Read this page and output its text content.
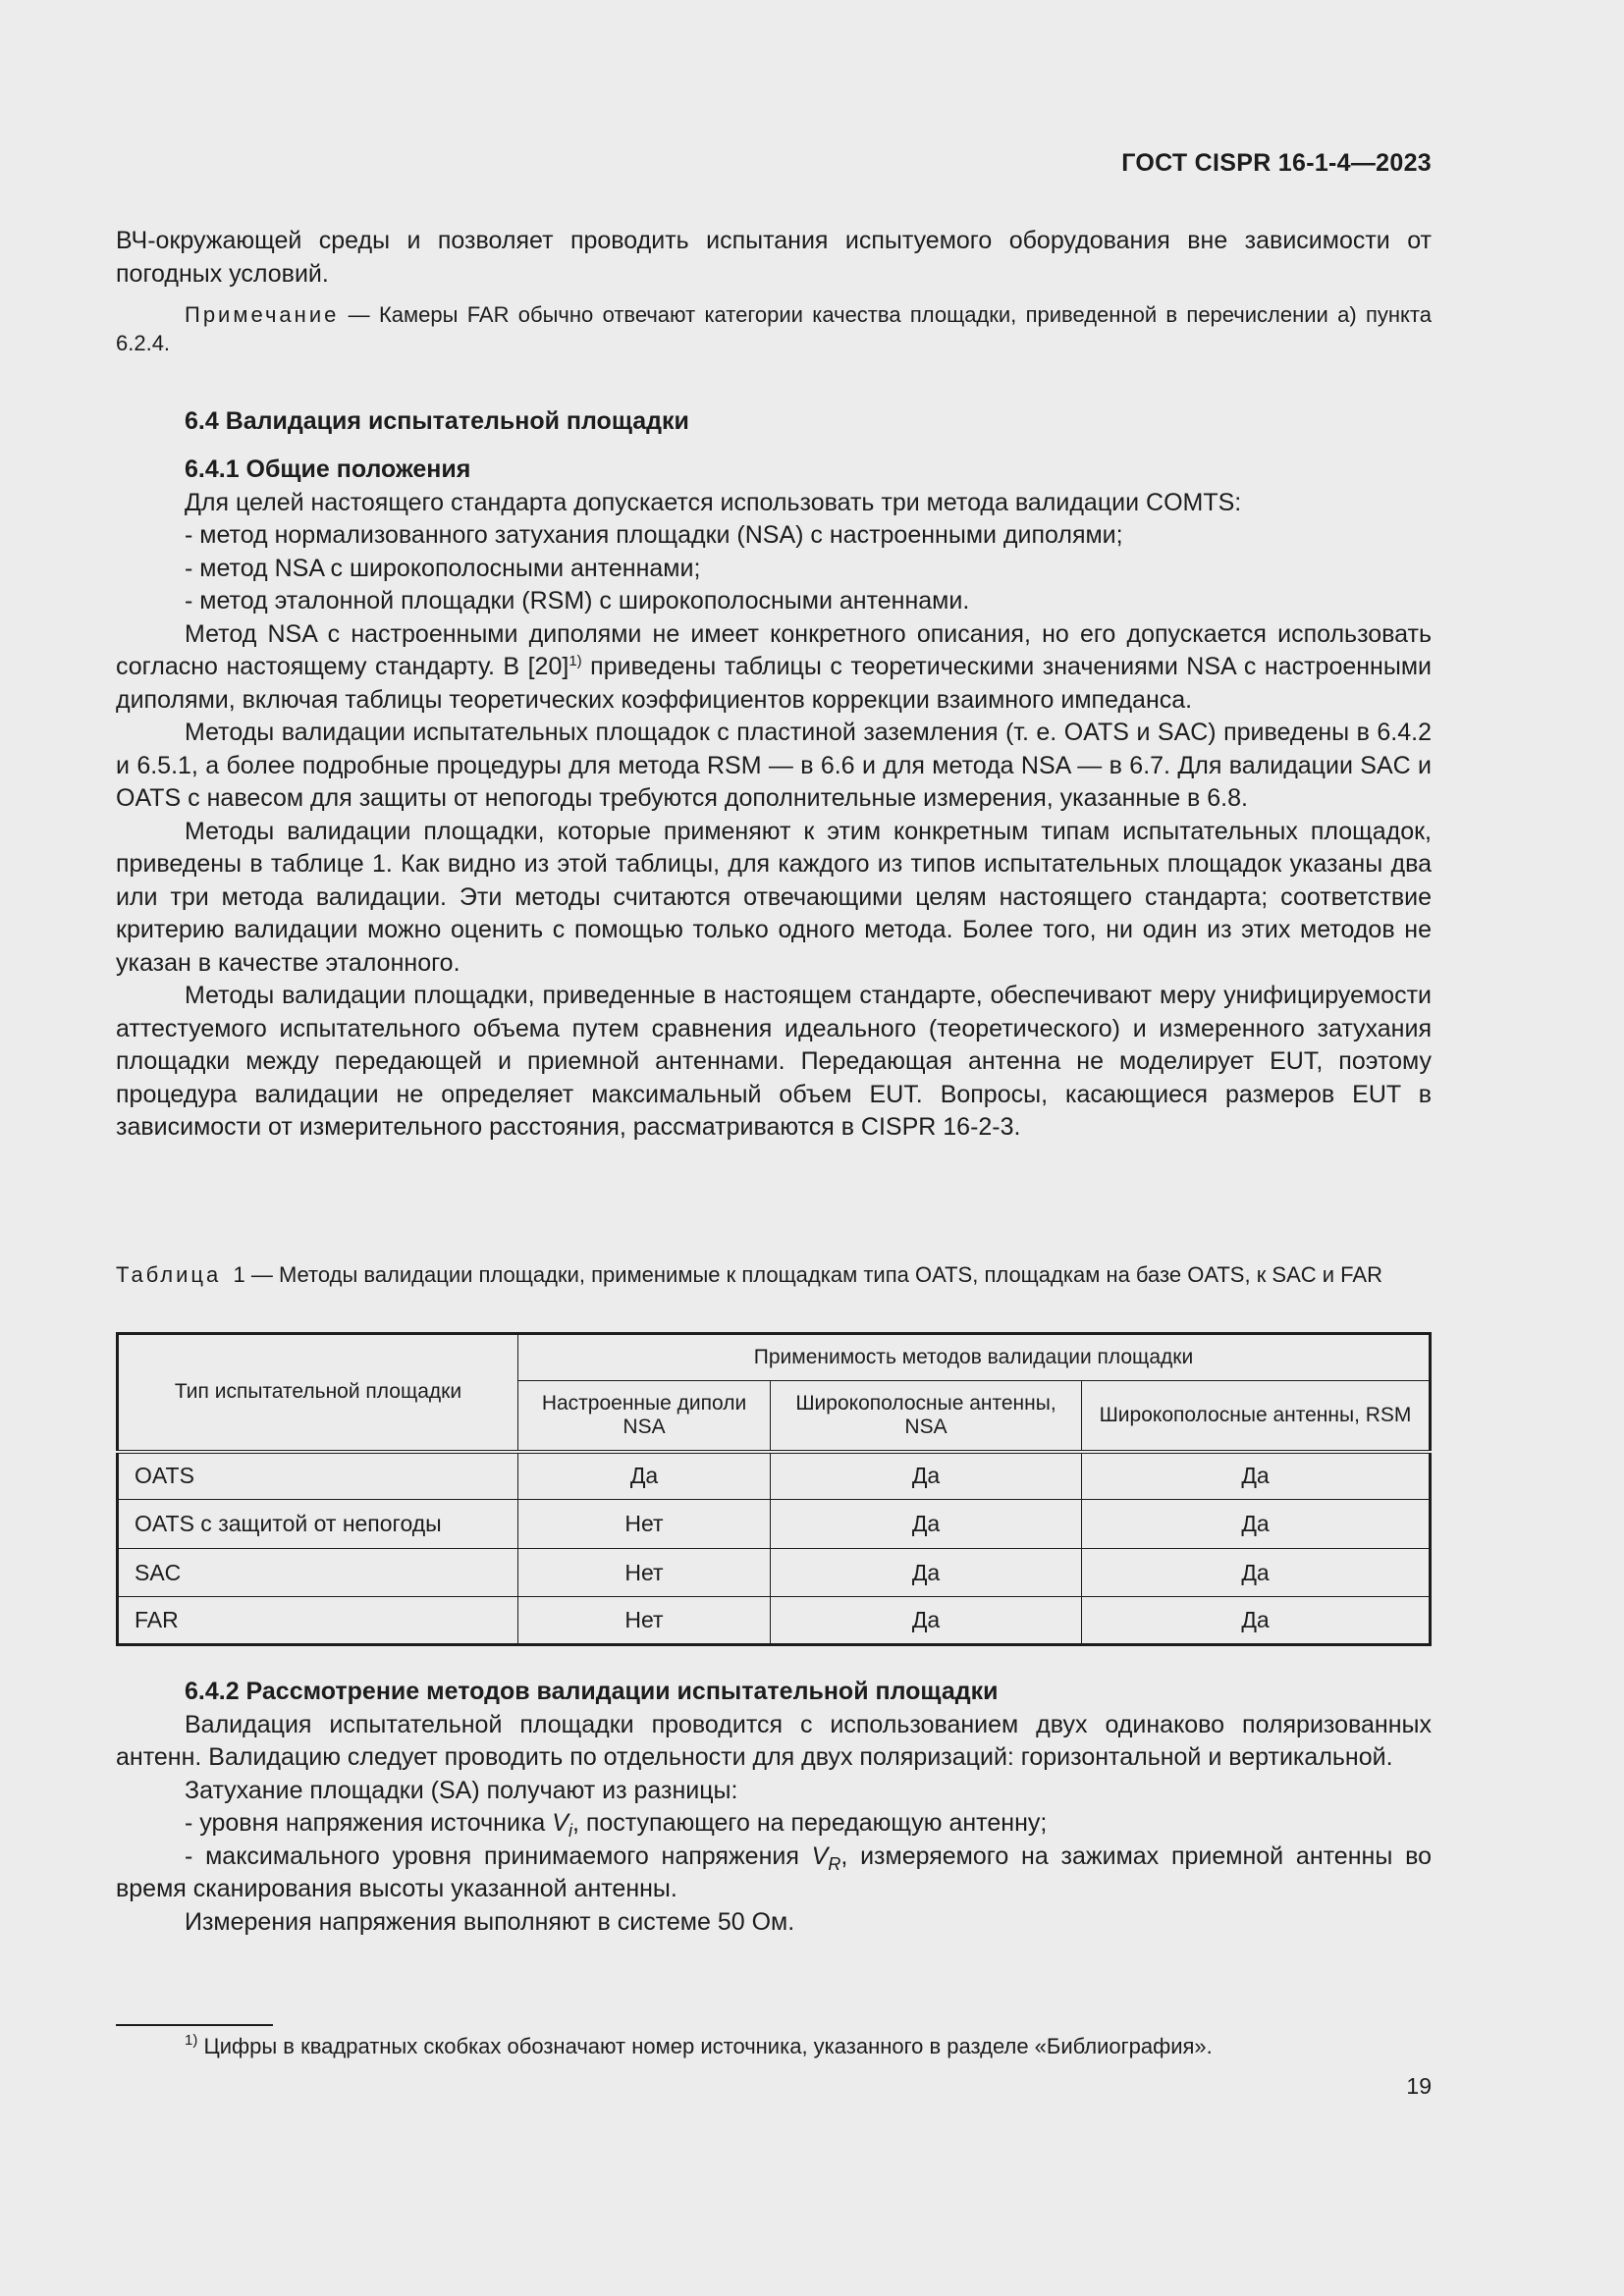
ГОСТ CISPR 16-1-4—2023

ВЧ-окружающей среды и позволяет проводить испытания испытуемого оборудования вне зависимости от погодных условий.

Примечание — Камеры FAR обычно отвечают категории качества площадки, приведенной в перечислении а) пункта 6.2.4.

6.4 Валидация испытательной площадки

6.4.1 Общие положения

Для целей настоящего стандарта допускается использовать три метода валидации COMTS:

- метод нормализованного затухания площадки (NSA) с настроенными диполями;

- метод NSA с широкополосными антеннами;

- метод эталонной площадки (RSM) с широкополосными антеннами.

Метод NSA с настроенными диполями не имеет конкретного описания, но его допускается использовать согласно настоящему стандарту. В $[20]^{1)}$ приведены таблицы с теоретическими значениями NSA с настроенными диполями, включая таблицы теоретических коэффициентов коррекции взаимного импеданса.

Методы валидации испытательных площадок с пластиной заземления (т. е. OATS и SAC) приведены в 6.4.2 и 6.5.1, а более подробные процедуры для метода RSM — в 6.6 и для метода NSA — в 6.7. Для валидации SAC и OATS с навесом для защиты от непогоды требуются дополнительные измерения, указанные в 6.8.

Методы валидации площадки, которые применяют к этим конкретным типам испытательных площадок, приведены в таблице 1. Как видно из этой таблицы, для каждого из типов испытательных площадок указаны два или три метода валидации. Эти методы считаются отвечающими целям настоящего стандарта; соответствие критерию валидации можно оценить с помощью только одного метода. Более того, ни один из этих методов не указан в качестве эталонного.

Методы валидации площадки, приведенные в настоящем стандарте, обеспечивают меру унифицируемости аттестуемого испытательного объема путем сравнения идеального (теоретического) и измеренного затухания площадки между передающей и приемной антеннами. Передающая антенна не моделирует EUT, поэтому процедура валидации не определяет максимальный объем EUT. Вопросы, касающиеся размеров EUT в зависимости от измерительного расстояния, рассматриваются в CISPR 16-2-3.

Таблица 1 — Методы валидации площадки, применимые к площадкам типа OATS, площадкам на базе OATS, к SAC и FAR

Тип испытательной площадки	Применимость методов валидации площадки		
	Настроенные диполи NSA	Широкополосные антенны, NSA	Широкополосные антенны, RSM
OATS	Да	Да	Да
OATS с защитой от непогоды	Нет	Да	Да
SAC	Нет	Да	Да
FAR	Нет	Да	Да

6.4.2 Рассмотрение методов валидации испытательной площадки

Валидация испытательной площадки проводится с использованием двух одинаково поляризованных антенн. Валидацию следует проводить по отдельности для двух поляризаций: горизонтальной и вертикальной.

Затухание площадки (SA) получают из разницы:

- уровня напряжения источника $V_i$, поступающего на передающую антенну;

- максимального уровня принимаемого напряжения $V_R$, измеряемого на зажимах приемной антенны во время сканирования высоты указанной антенны.

Измерения напряжения выполняют в системе 50 Ом.

$^{1)}$ Цифры в квадратных скобках обозначают номер источника, указанного в разделе «Библиография».
19
